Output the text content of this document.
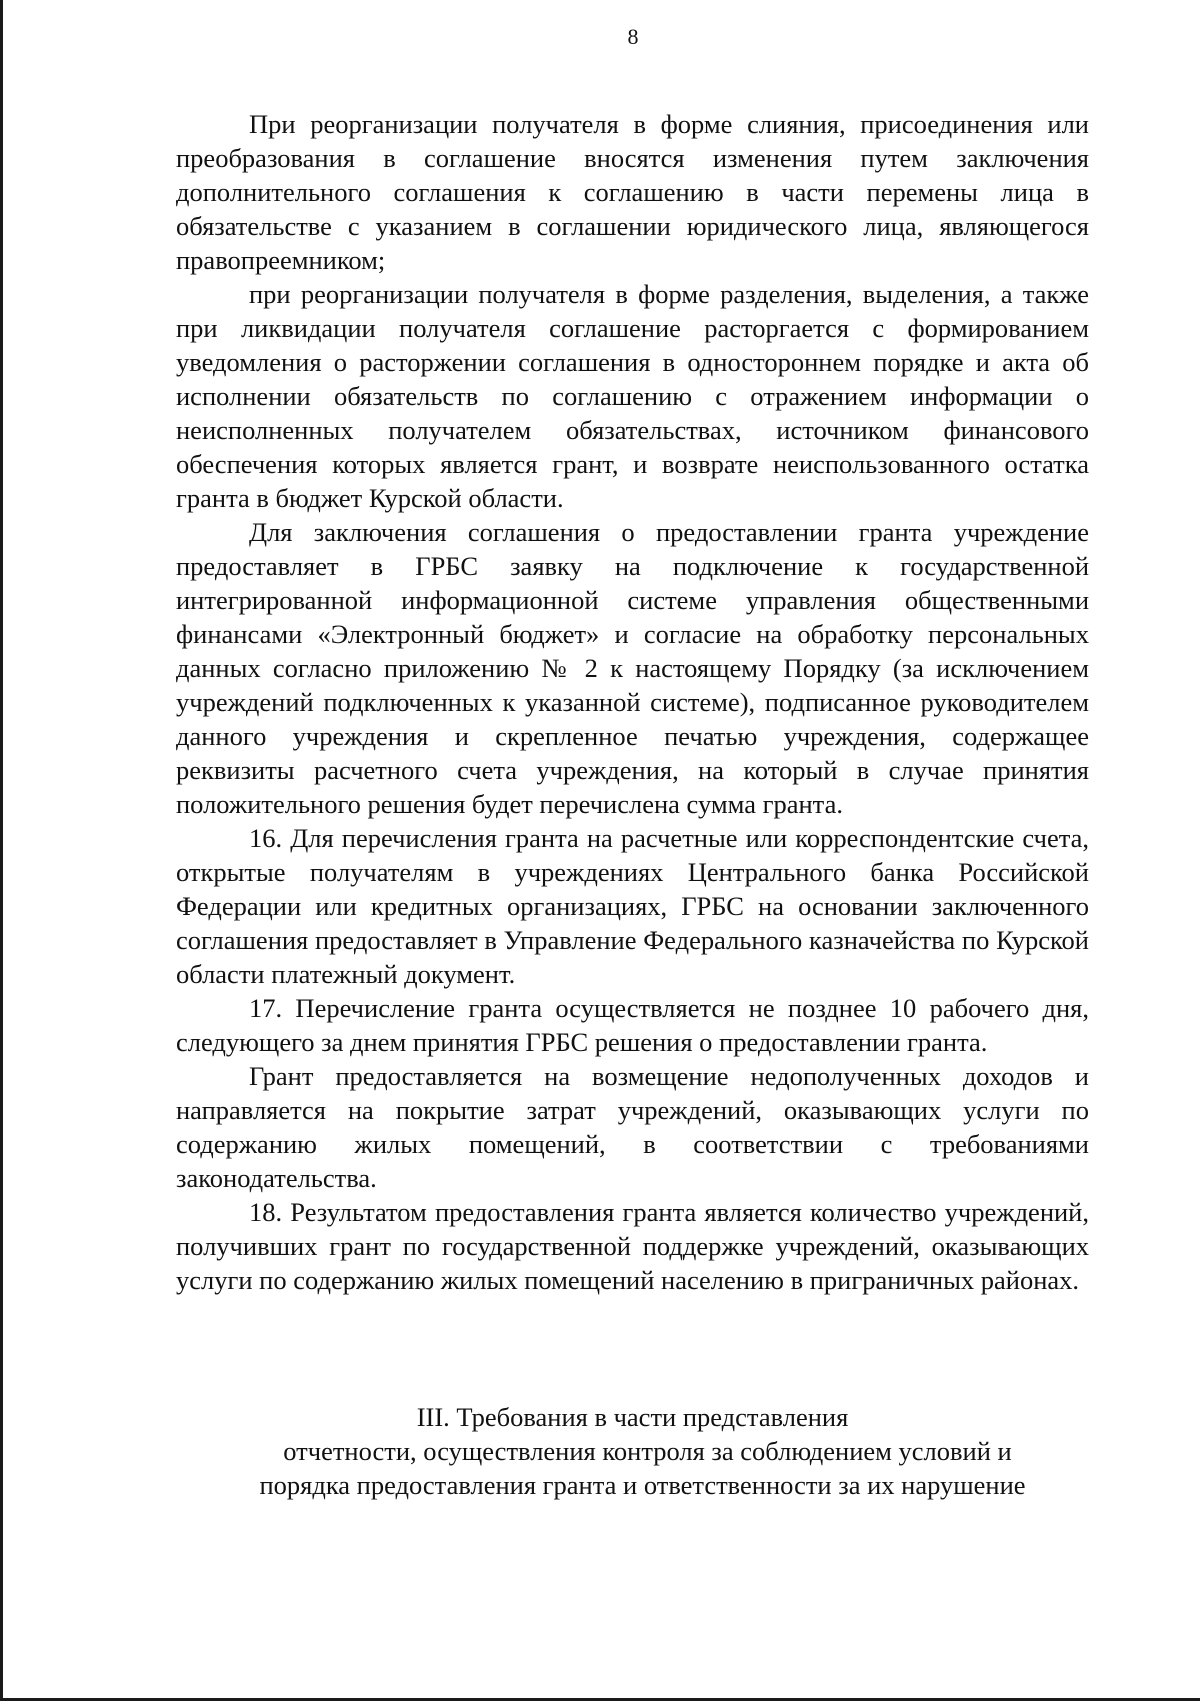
8

При реорганизации получателя в форме слияния, присоединения или преобразования в соглашение вносятся изменения путем заключения дополнительного соглашения к соглашению в части перемены лица в обязательстве с указанием в соглашении юридического лица, являющегося правопреемником;

при реорганизации получателя в форме разделения, выделения, а также при ликвидации получателя соглашение расторгается с формированием уведомления о расторжении соглашения в одностороннем порядке и акта об исполнении обязательств по соглашению с отражением информации о неисполненных получателем обязательствах, источником финансового обеспечения которых является грант, и возврате неиспользованного остатка гранта в бюджет Курской области.

Для заключения соглашения о предоставлении гранта учреждение предоставляет в ГРБС заявку на подключение к государственной интегрированной информационной системе управления общественными финансами «Электронный бюджет» и согласие на обработку персональных данных согласно приложению № 2 к настоящему Порядку (за исключением учреждений подключенных к указанной системе), подписанное руководителем данного учреждения и скрепленное печатью учреждения, содержащее реквизиты расчетного счета учреждения, на который в случае принятия положительного решения будет перечислена сумма гранта.

16. Для перечисления гранта на расчетные или корреспондентские счета, открытые получателям в учреждениях Центрального банка Российской Федерации или кредитных организациях, ГРБС на основании заключенного соглашения предоставляет в Управление Федерального казначейства по Курской области платежный документ.

17. Перечисление гранта осуществляется не позднее 10 рабочего дня, следующего за днем принятия ГРБС решения о предоставлении гранта.

Грант предоставляется на возмещение недополученных доходов и направляется на покрытие затрат учреждений, оказывающих услуги по содержанию жилых помещений, в соответствии с требованиями законодательства.

18. Результатом предоставления гранта является количество учреждений, получивших грант по государственной поддержке учреждений, оказывающих услуги по содержанию жилых помещений населению в приграничных районах.

III. Требования в части представления
отчетности, осуществления контроля за соблюдением условий и
порядка предоставления гранта и ответственности за их нарушение
